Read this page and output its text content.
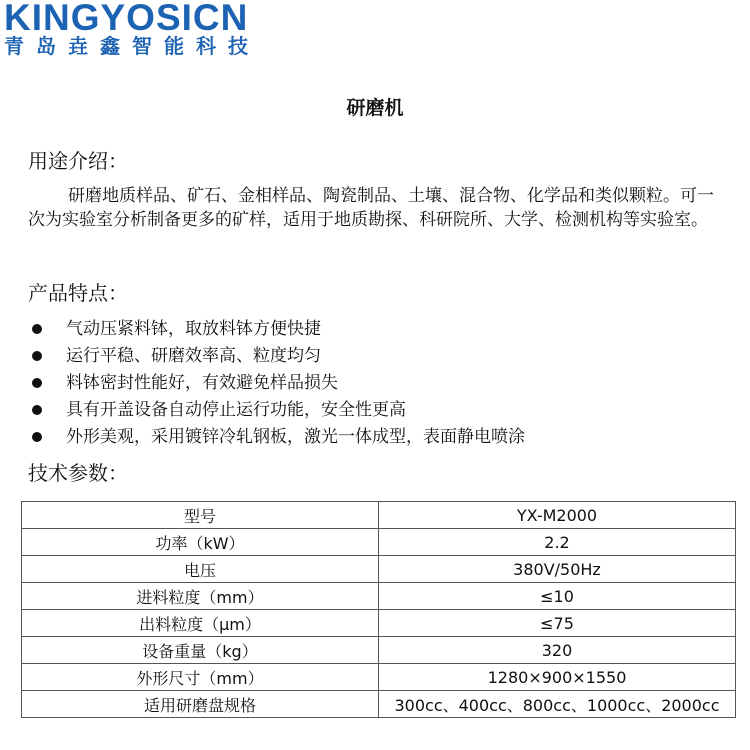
KINGYOSICN
青岛垚鑫智能科技
研磨机
用途介绍：

研磨地质样品、矿石、金相样品、陶瓷制品、土壤、混合物、化学品和类似颗粒。可一次为实验室分析制备更多的矿样，适用于地质勘探、科研院所、大学、检测机构等实验室。

产品特点：
气动压紧料钵，取放料钵方便快捷
运行平稳、研磨效率高、粒度均匀
料钵密封性能好，有效避免样品损失
具有开盖设备自动停止运行功能，安全性更高
外形美观，采用镀锌冷轧钢板，激光一体成型，表面静电喷涂
技术参数：
型号	YX-M2000
功率（kW）	2.2
电压	380V/50Hz
进料粒度（mm）	≤10
出料粒度（μm）	≤75
设备重量（kg）	320
外形尺寸（mm）	1280×900×1550
适用研磨盘规格	300cc、400cc、800cc、1000cc、2000cc
